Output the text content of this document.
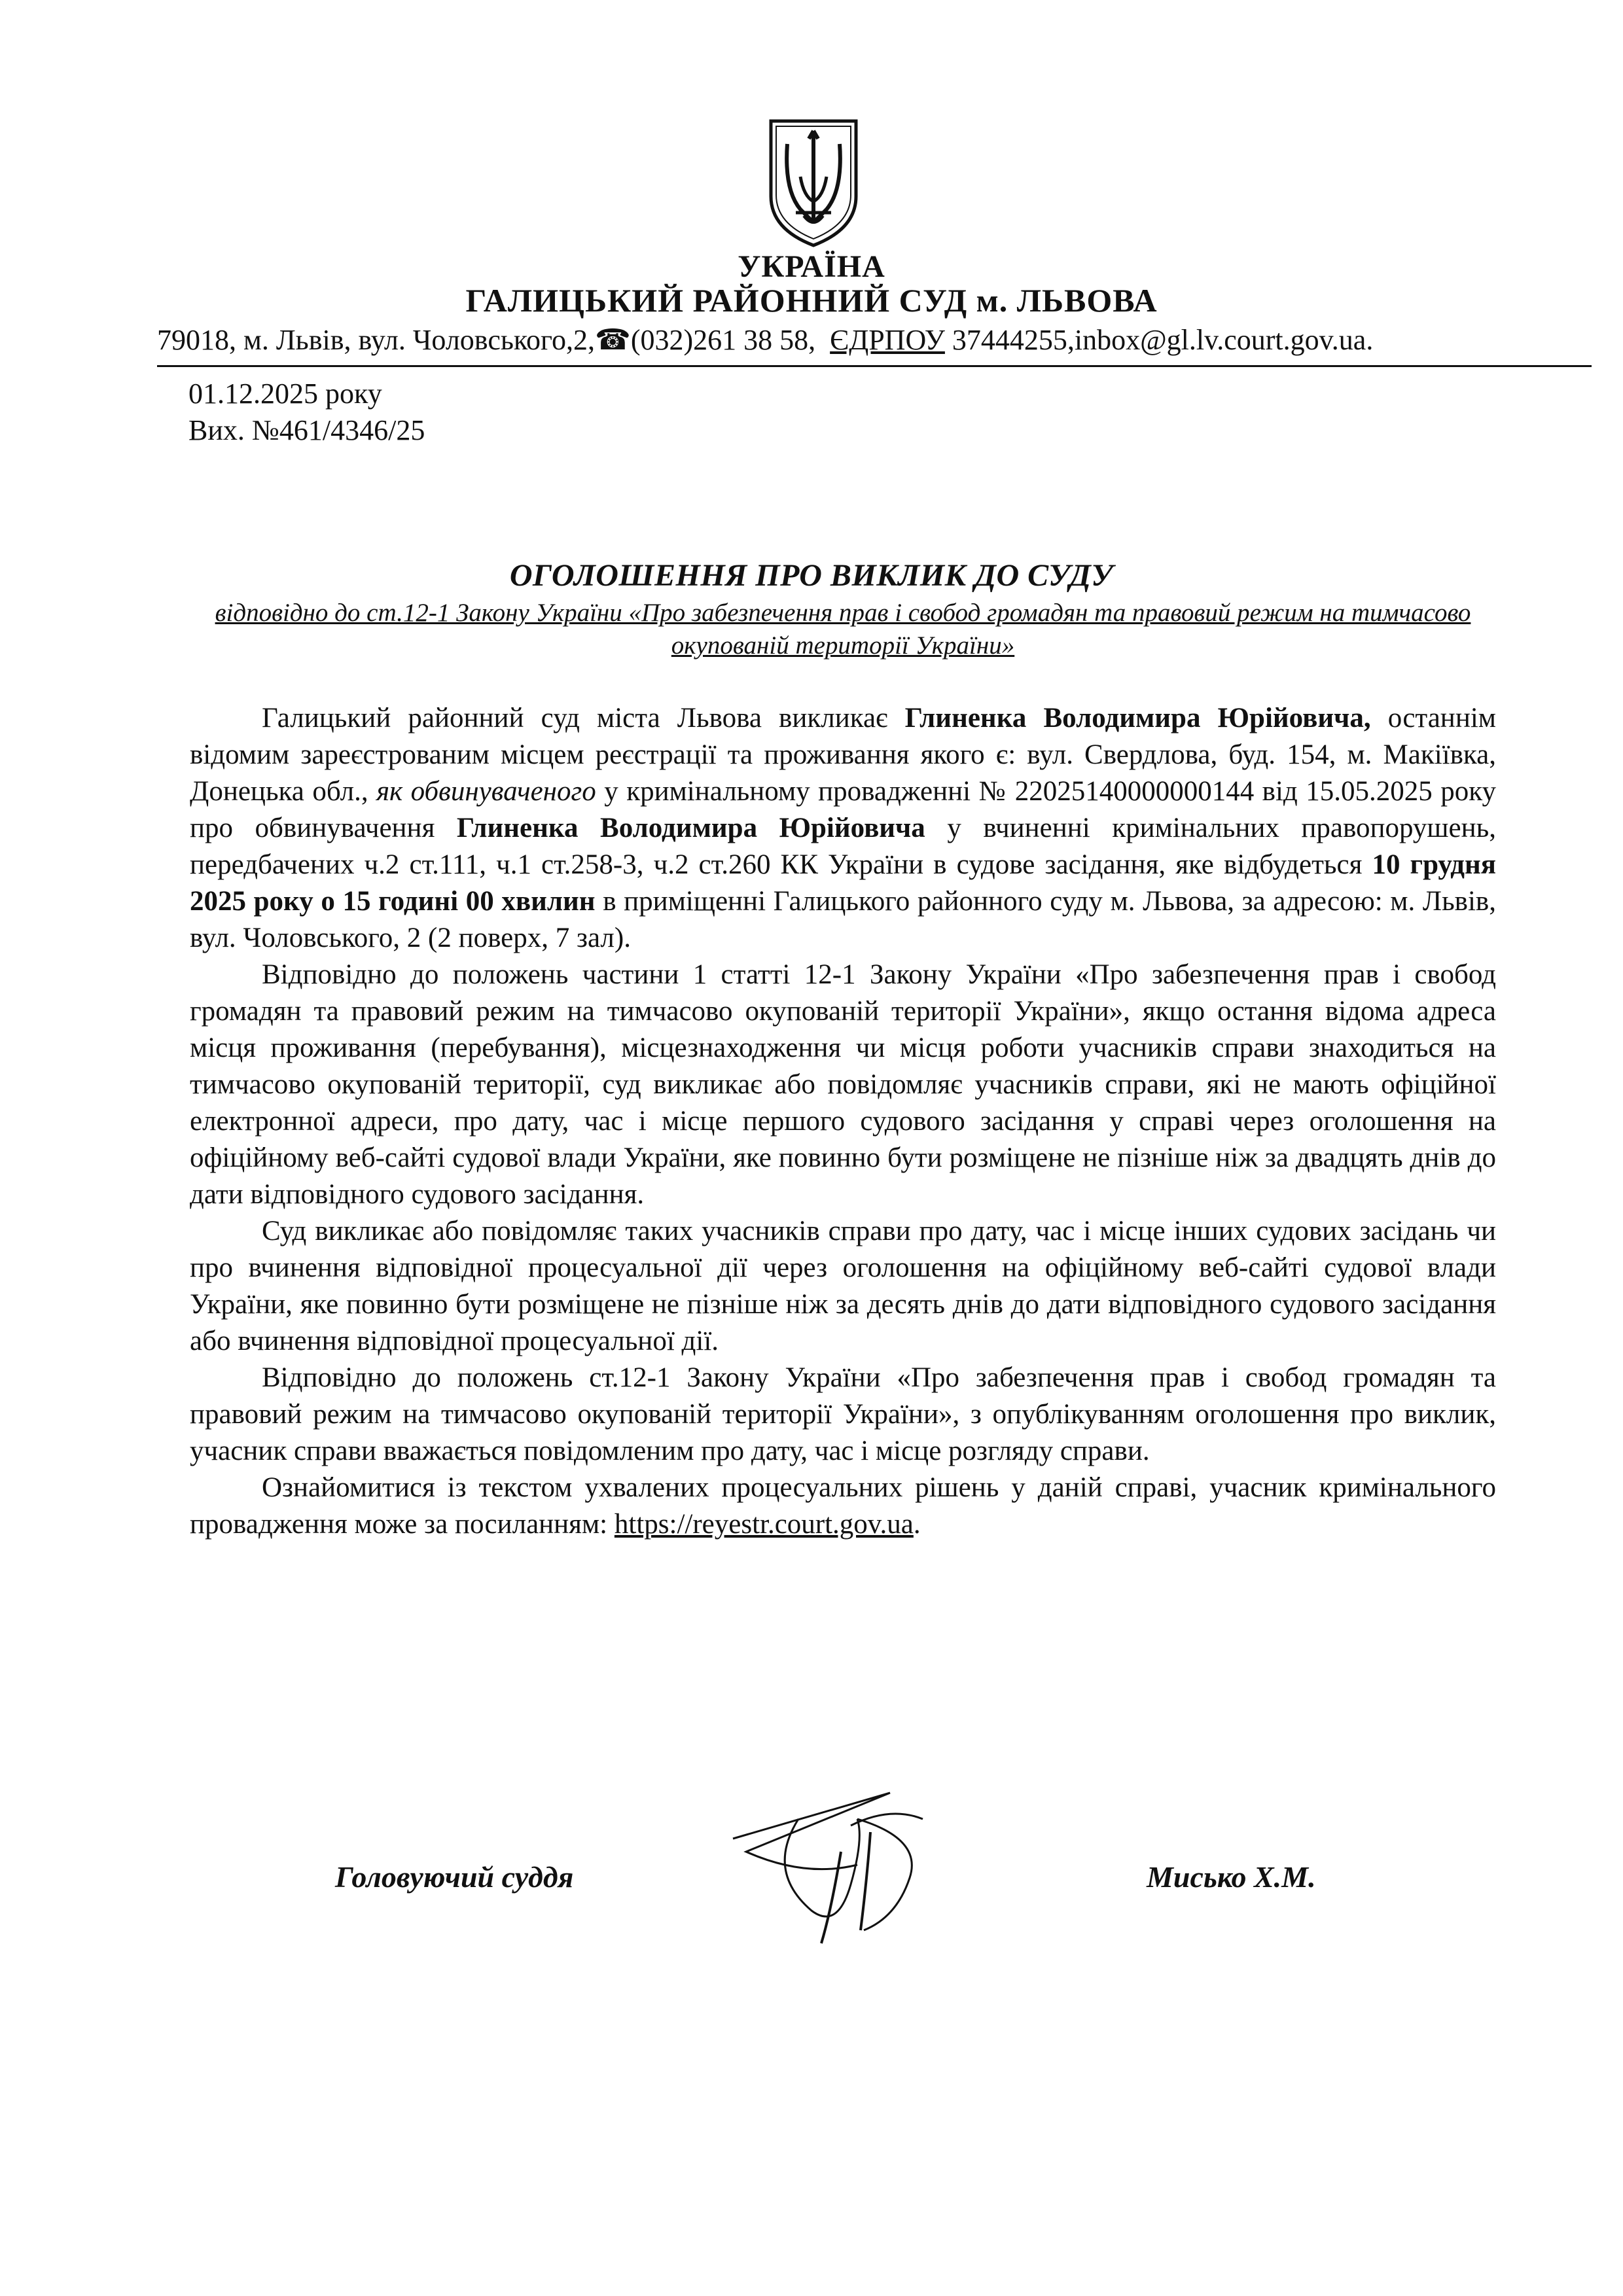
УКРАЇНА
ГАЛИЦЬКИЙ РАЙОННИЙ СУД м. ЛЬВОВА
79018, м. Львів, вул. Чоловського,2,☎(032)261 38 58, ЄДРПОУ 37444255,inbox@gl.lv.court.gov.ua.
01.12.2025 року
Вих. №461/4346/25
ОГОЛОШЕННЯ ПРО ВИКЛИК ДО СУДУ
відповідно до ст.12-1 Закону України «Про забезпечення прав і свобод громадян та правовий режим на тимчасово окупованій території України»

Галицький районний суд міста Львова викликає Глиненка Володимира Юрійовича, останнім відомим зареєстрованим місцем реєстрації та проживання якого є: вул. Свердлова, буд. 154, м. Макіївка, Донецька обл., як обвинуваченого у кримінальному провадженні № 22025140000000144 від 15.05.2025 року про обвинувачення Глиненка Володимира Юрійовича у вчиненні кримінальних правопорушень, передбачених ч.2 ст.111, ч.1 ст.258-3, ч.2 ст.260 КК України в судове засідання, яке відбудеться 10 грудня 2025 року о 15 годині 00 хвилин в приміщенні Галицького районного суду м. Львова, за адресою: м. Львів, вул. Чоловського, 2 (2 поверх, 7 зал).

Відповідно до положень частини 1 статті 12-1 Закону України «Про забезпечення прав і свобод громадян та правовий режим на тимчасово окупованій території України», якщо остання відома адреса місця проживання (перебування), місцезнаходження чи місця роботи учасників справи знаходиться на тимчасово окупованій території, суд викликає або повідомляє учасників справи, які не мають офіційної електронної адреси, про дату, час і місце першого судового засідання у справі через оголошення на офіційному веб-сайті судової влади України, яке повинно бути розміщене не пізніше ніж за двадцять днів до дати відповідного судового засідання.

Суд викликає або повідомляє таких учасників справи про дату, час і місце інших судових засідань чи про вчинення відповідної процесуальної дії через оголошення на офіційному веб-сайті судової влади України, яке повинно бути розміщене не пізніше ніж за десять днів до дати відповідного судового засідання або вчинення відповідної процесуальної дії.

Відповідно до положень ст.12-1 Закону України «Про забезпечення прав і свобод громадян та правовий режим на тимчасово окупованій території України», з опублікуванням оголошення про виклик, учасник справи вважається повідомленим про дату, час і місце розгляду справи.

Ознайомитися із текстом ухвалених процесуальних рішень у даній справі, учасник кримінального провадження може за посиланням: https://reyestr.court.gov.ua.

Головуючий суддя	Мисько Х.М.
